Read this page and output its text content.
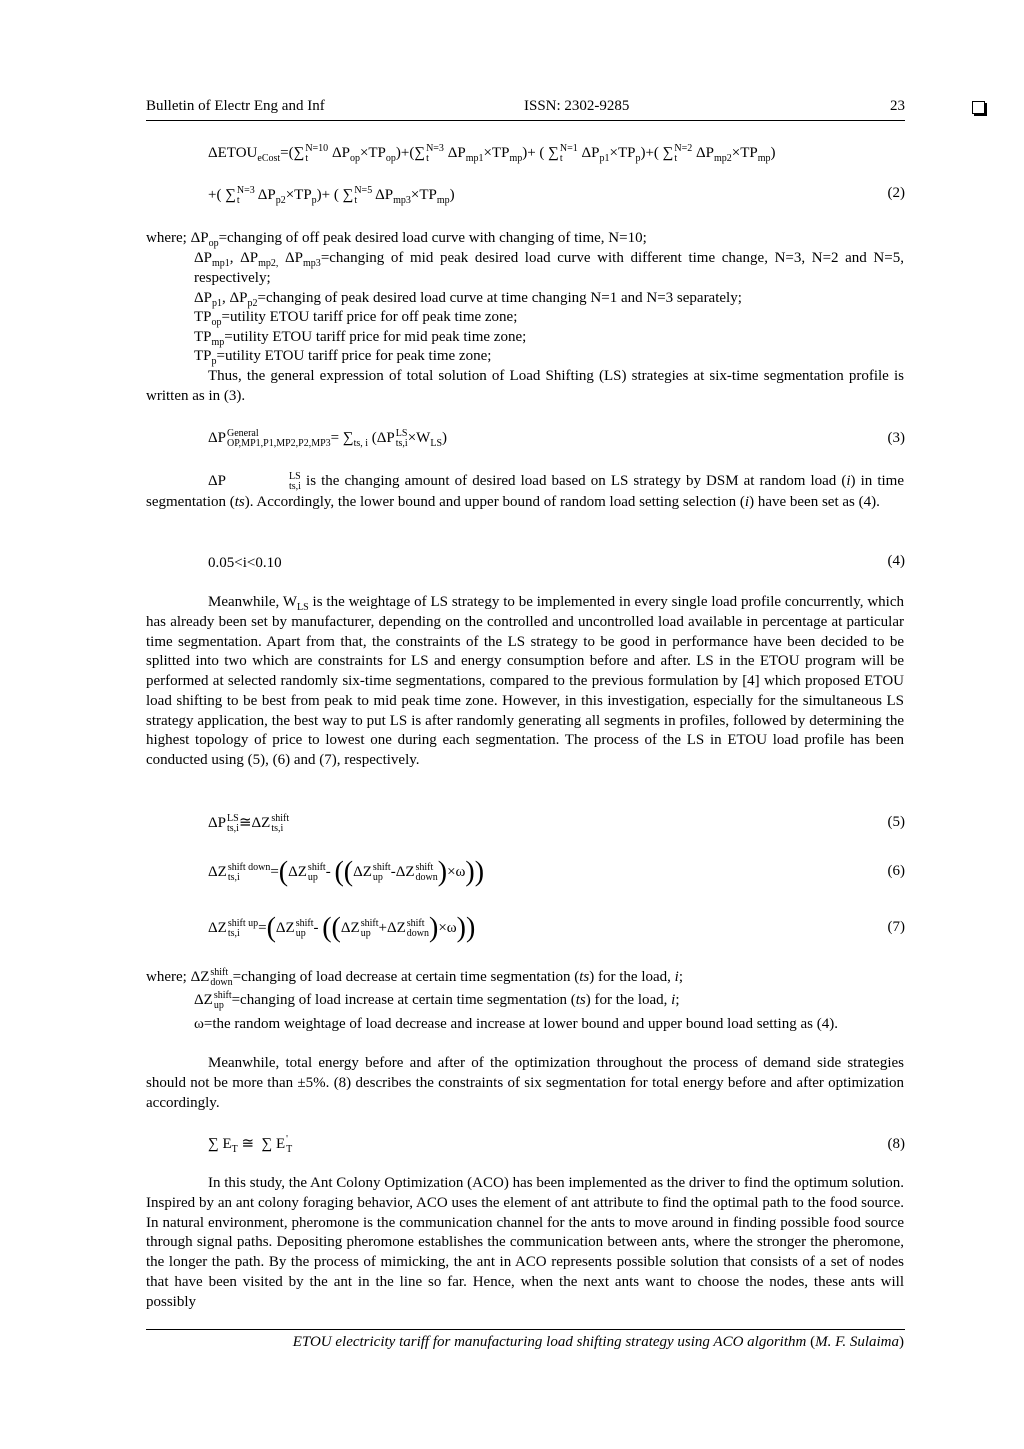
Bulletin of Electr Eng and Inf	ISSN: 2302-9285	23
$\Delta ETOU_{eCost}=(\sum$ N=10
t	$\Delta P_{op}\times TP_{op})+(\sum$ N=3
t	$\Delta P_{mp1}\times TP_{mp})+$ ( ∑ N=1
t	$\Delta P_{p1}\times TP_p)+$( ∑ N=2
t	$\Delta P_{mp2}\times TP_{mp}$)
+( ∑ N=3
t	$\Delta P_{p2}\times TP_p)+$ ( ∑ N=5
t	$\Delta P_{mp3}\times TP_{mp}$)	(2)
where; $\Delta P_{op}=changing$ of off peak desired load curve with changing of time, N=10;
$\Delta P_{mp1}$, $\Delta P_{mp2,}$ $\Delta P_{mp3}=changing$ of mid peak desired load curve with different time change, N=3, N=2 and N=5, respectively;
$\Delta P_{p1}$, $\Delta P_{p2}=changing$ of peak desired load curve at time changing N=1 and N=3 separately;
$TP_{op}=utility$ ETOU tariff price for off peak time zone;
$TP_{mp}=utility$ ETOU tariff price for mid peak time zone;
$TP_p=utility$ ETOU tariff price for peak time zone;
Thus, the general expression of total solution of Load Shifting (LS) strategies at six-time segmentation profile is written as in (3).
ΔP General
$OP,MP1,P1,MP2,P2,MP3 = \sum_{ts, i}$ (ΔP LS
$ts,i \times W_{LS}$)	(3)
ΔP	LS
ts,i is the changing amount of desired load based on LS strategy by DSM at random load (i) in time segmentation (ts). Accordingly, the lower bound and upper bound of random load setting selection (i) have been set as (4).
0.05<i<0.10	(4)
Meanwhile, $W_{LS}$ is the weightage of LS strategy to be implemented in every single load profile concurrently, which has already been set by manufacturer, depending on the controlled and uncontrolled load available in percentage at particular time segmentation. Apart from that, the constraints of the LS strategy to be good in performance have been decided to be splitted into two which are constraints for LS and energy consumption before and after. LS in the ETOU program will be performed at selected randomly six-time segmentations, compared to the previous formulation by [4] which proposed ETOU load shifting to be best from peak to mid peak time zone. However, in this investigation, especially for the simultaneous LS strategy application, the best way to put LS is after randomly generating all segments in profiles, followed by determining the highest topology of price to lowest one during each segmentation. The process of the LS in ETOU load profile has been conducted using (5), (6) and (7), respectively.
ΔP LS
ts,i ≅ΔZ shift
ts,i	(5)
ΔZ shift down
ts,i	=(ΔZ shift
up - ((ΔZ shift
up -ΔZ shift
down )×ω))	(6)
ΔZ shift up
ts,i	=(ΔZ shift
up - ((ΔZ shift
up +ΔZ shift
down )×ω))	(7)
where; ΔZ shift
down =changing of load decrease at certain time segmentation (ts) for the load, i;
ΔZ shift
up =changing of load increase at certain time segmentation (ts) for the load, i;
ω=the random weightage of load decrease and increase at lower bound and upper bound load setting as (4).
Meanwhile, total energy before and after of the optimization throughout the process of demand side strategies should not be more than ±5%. (8) describes the constraints of six segmentation for total energy before and after optimization accordingly.
∑ $E_T$ ≅  ∑ E '
T	(8)
In this study, the Ant Colony Optimization (ACO) has been implemented as the driver to find the optimum solution. Inspired by an ant colony foraging behavior, ACO uses the element of ant attribute to find the optimal path to the food source. In natural environment, pheromone is the communication channel for the ants to move around in finding possible food source through signal paths. Depositing pheromone establishes the communication between ants, where the stronger the pheromone, the longer the path. By the process of mimicking, the ant in ACO represents possible solution that consists of a set of nodes that have been visited by the ant in the line so far. Hence, when the next ants want to choose the nodes, these ants will possibly
ETOU electricity tariff for manufacturing load shifting strategy using ACO algorithm (M. F. Sulaima)
